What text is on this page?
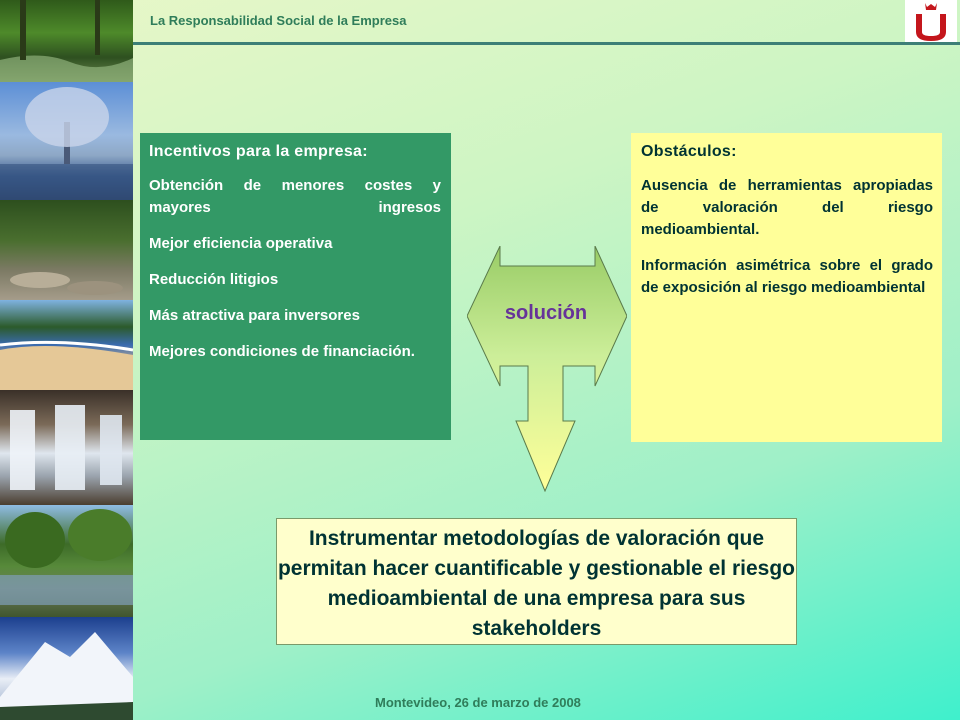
La Responsabilidad Social de la Empresa
Incentivos para la empresa:
Obtención de menores costes y mayores ingresos
Mejor eficiencia operativa
Reducción litigios
Más atractiva para inversores
Mejores condiciones de financiación.
Obstáculos:
Ausencia de herramientas apropiadas de valoración del riesgo medioambiental.
Información asimétrica sobre el grado de exposición al riesgo medioambiental
solución
Instrumentar metodologías de valoración que permitan hacer cuantificable y gestionable el riesgo medioambiental de una empresa para sus stakeholders
Montevideo, 26 de marzo de 2008
